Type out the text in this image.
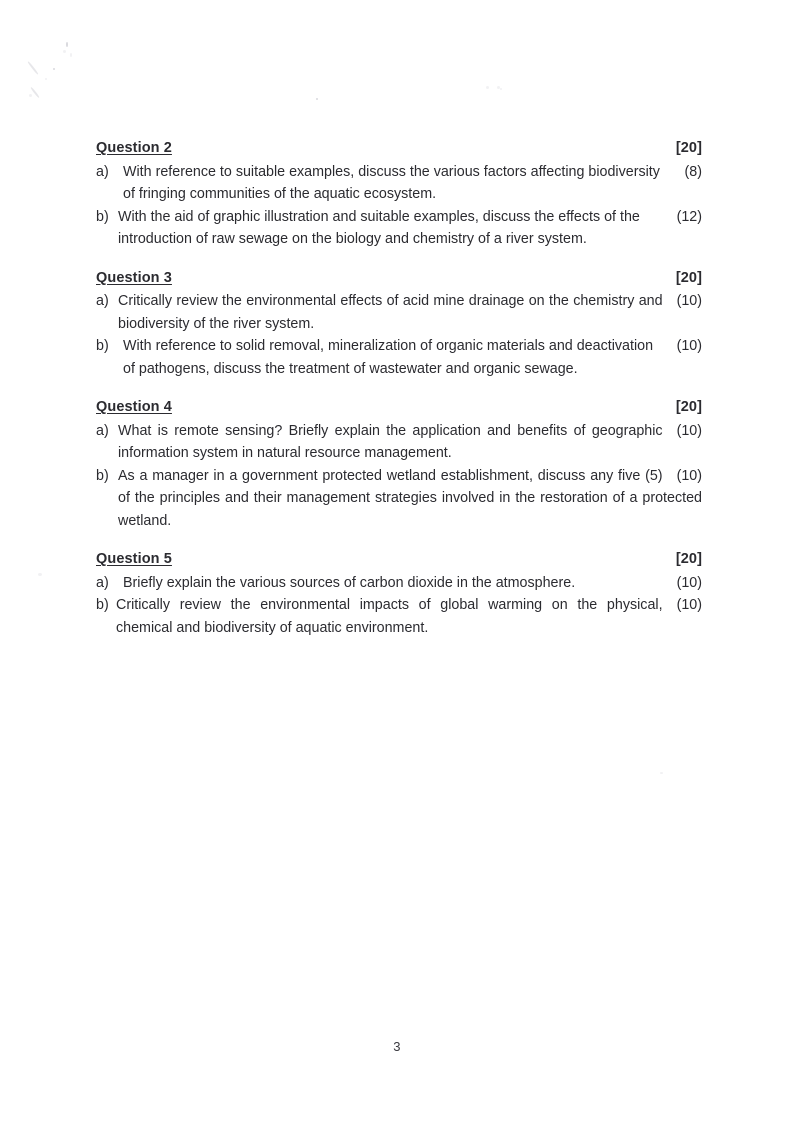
Question 2	[20]
a)	(8)
With reference to suitable examples, discuss the various factors affecting biodiversity of fringing communities of the aquatic ecosystem.
b)	(12)
With the aid of graphic illustration and suitable examples, discuss the effects of the introduction of raw sewage on the biology and chemistry of a river system.
Question 3	[20]
a)	(10)
Critically review the environmental effects of acid mine drainage on the chemistry and biodiversity of the river system.
b)	(10)
With reference to solid removal, mineralization of organic materials and deactivation of pathogens, discuss the treatment of wastewater and organic sewage.
Question 4	[20]
a)	(10)
What is remote sensing? Briefly explain the application and benefits of geographic information system in natural resource management.
b)	(10)
As a manager in a government protected wetland establishment, discuss any five (5) of the principles and their management strategies involved in the restoration of a protected wetland.
Question 5	[20]
a)	(10)
Briefly explain the various sources of carbon dioxide in the atmosphere.
b)	(10)
Critically review the environmental impacts of global warming on the physical, chemical and biodiversity of aquatic environment.
3
